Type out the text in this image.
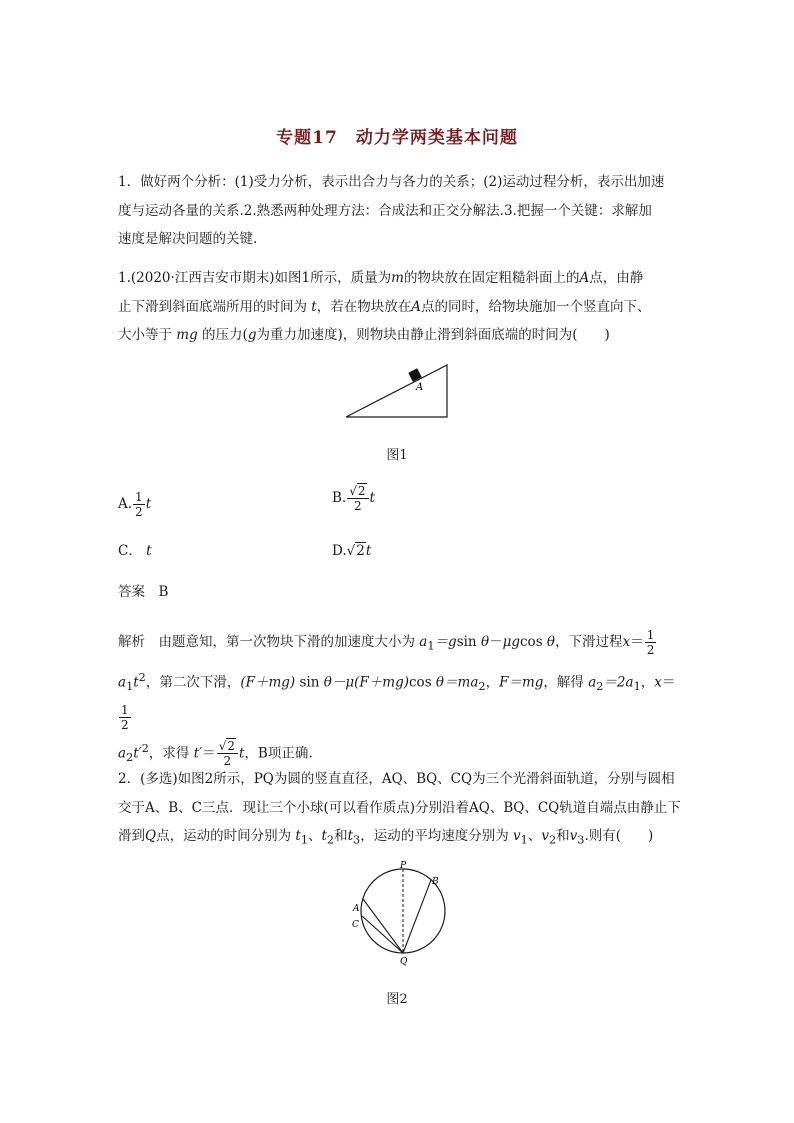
专题17　动力学两类基本问题
1．做好两个分析：(1)受力分析，表示出合力与各力的关系；(2)运动过程分析，表示出加速
度与运动各量的关系.2.熟悉两种处理方法：合成法和正交分解法.3.把握一个关键：求解加
速度是解决问题的关键.
1.(2020·江西吉安市期末)如图1所示，质量为m的物块放在固定粗糙斜面上的A点，由静
止下滑到斜面底端所用的时间为 t，若在物块放在A点的同时，给物块施加一个竖直向下、
大小等于 mg 的压力(g为重力加速度)，则物块由静止滑到斜面底端的时间为(　　)
A
图1
A. $\frac{1}{2}$ t	B. $\frac{√2}{2}$ t
C． t	D.√2t
答案　 B
解析　 由题意知，第一次物块下滑的加速度大小为 $a_1=gsin$ θ－μgcos θ，下滑过程$x= \frac{1}{2}$
$a_1t^2$，第二次下滑，(F＋mg) sin θ－μ(F＋mg)cos $\theta=ma_2$，F＝mg，解得 $a_2=2a_1$，x＝
$\frac{1}{2}$
$a_2t'^2$，求得 $t'= \frac{√2}{2}$ t，B项正确.
2．(多选)如图2所示，PQ为圆的竖直直径，AQ、BQ、CQ为三个光滑斜面轨道，分别与圆相
交于A、B、C三点．现让三个小球(可以看作质点)分别沿着AQ、BQ、CQ轨道自端点由静止下
滑到Q点，运动的时间分别为 $t_1$、$t_2$和$t_3$，运动的平均速度分别为 $v_1$、$v_2$和$v_3$.则有(　　)
P
B
A
C
Q
图2
